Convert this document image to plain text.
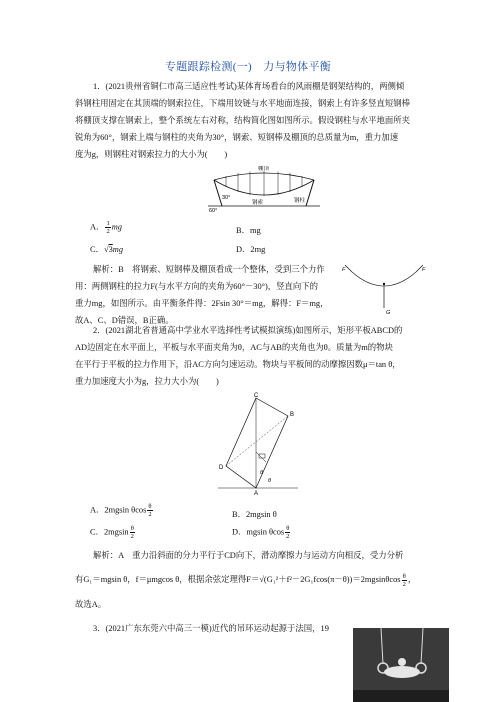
专题跟踪检测(一)　力与物体平衡
1．(2021贵州省铜仁市高三适应性考试)某体育场看台的风雨棚是钢架结构的，两侧倾
斜钢柱用固定在其顶端的钢索拉住，下端用铰链与水平地面连接，钢索上有许多竖直短钢棒
将棚顶支撑在钢索上，整个系统左右对称，结构简化图如图所示。假设钢柱与水平地面所夹
锐角为60°，钢索上端与钢柱的夹角为30°，钢索、短钢棒及棚顶的总质量为m，重力加速
度为g，则钢柱对钢索拉力的大小为(　　)
棚顶
钢索	钢柱
30°
60°
A． $\frac{1}{2}$ mg	B．mg
C．√3mg	D．2mg
解析：B　将钢索、短钢棒及棚顶看成一个整体，受到三个力作
用：两侧钢柱的拉力F(与水平方向的夹角为60°－30°)，竖直向下的
重力mg，如图所示。由平衡条件得：2Fsin 30°＝mg，解得：F＝mg，
故A、C、D错误，B正确。
F	F
G
2．(2021湖北省普通高中学业水平选择性考试模拟演练)如图所示，矩形平板ABCD的
AD边固定在水平面上，平板与水平面夹角为θ，AC与AB的夹角也为θ。质量为m的物块
在平行于平板的拉力作用下，沿AC方向匀速运动。物块与平板间的动摩擦因数μ＝tan θ，
重力加速度大小为g，拉力大小为(　　)
C
B
A
D
θ
θ
A．2mgsin θcos $\frac{\theta}{2}$	B．2mgsin θ
C．$2mgsin \frac{\theta}{2}$	D．mgsin θcos $\frac{\theta}{2}$
解析：A　重力沿斜面的分力平行于CD向下，滑动摩擦力与运动方向相反，受力分析
有G₁＝mgsin θ，f＝μmgcos θ，根据余弦定理得$F=√(G_1^2+f^2-2G_1fcos(\pi-\theta))=2mgsin\theta\cos \frac{\theta}{2}$ ，
故选A。
3．(2021广东东莞六中高三一模)近代的吊环运动起源于法国，19
